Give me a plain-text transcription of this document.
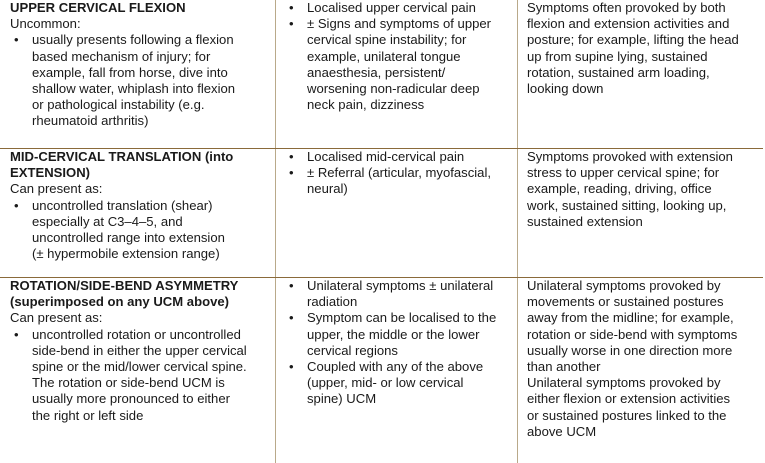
UPPER CERVICAL FLEXION
Uncommon:
• usually presents following a flexion
based mechanism of injury; for
example, fall from horse, dive into
shallow water, whiplash into flexion
or pathological instability (e.g.
rheumatoid arthritis)
• Localised upper cervical pain
• ± Signs and symptoms of upper
cervical spine instability; for
example, unilateral tongue
anaesthesia, persistent/
worsening non-radicular deep
neck pain, dizziness
Symptoms often provoked by both
flexion and extension activities and
posture; for example, lifting the head
up from supine lying, sustained
rotation, sustained arm loading,
looking down
MID-CERVICAL TRANSLATION (into
EXTENSION)
Can present as:
• uncontrolled translation (shear)
especially at C3–4–5, and
uncontrolled range into extension
(± hypermobile extension range)
• Localised mid-cervical pain
• ± Referral (articular, myofascial,
neural)
Symptoms provoked with extension
stress to upper cervical spine; for
example, reading, driving, office
work, sustained sitting, looking up,
sustained extension
ROTATION/SIDE-BEND ASYMMETRY
(superimposed on any UCM above)
Can present as:
• uncontrolled rotation or uncontrolled
side-bend in either the upper cervical
spine or the mid/lower cervical spine.
The rotation or side-bend UCM is
usually more pronounced to either
the right or left side
• Unilateral symptoms ± unilateral
radiation
• Symptom can be localised to the
upper, the middle or the lower
cervical regions
• Coupled with any of the above
(upper, mid- or low cervical
spine) UCM
Unilateral symptoms provoked by
movements or sustained postures
away from the midline; for example,
rotation or side-bend with symptoms
usually worse in one direction more
than another
Unilateral symptoms provoked by
either flexion or extension activities
or sustained postures linked to the
above UCM
